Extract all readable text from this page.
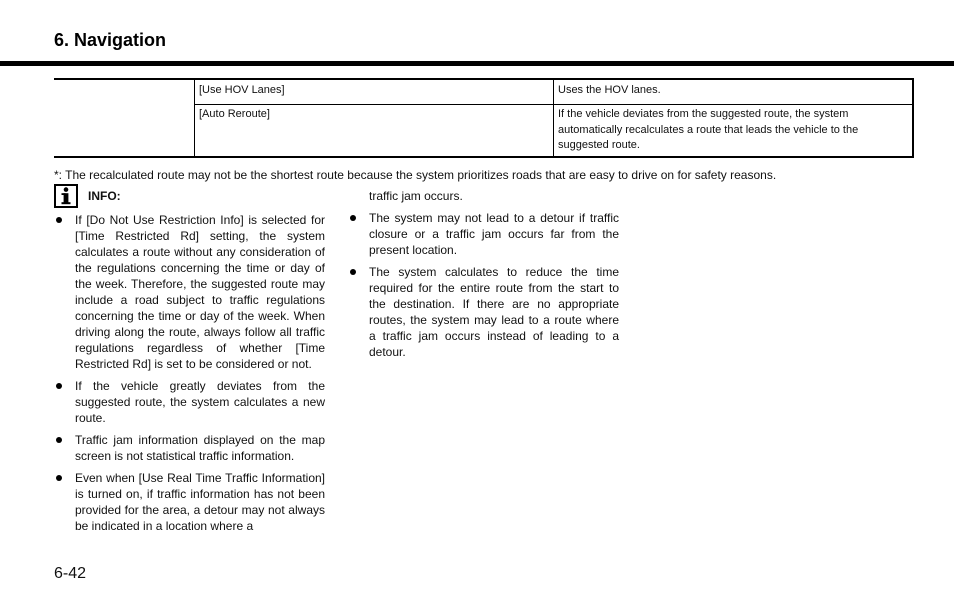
6. Navigation
	[Use HOV Lanes]	Uses the HOV lanes.
	[Auto Reroute]	If the vehicle deviates from the suggested route, the system automatically recalculates a route that leads the vehicle to the suggested route.
*: The recalculated route may not be the shortest route because the system prioritizes roads that are easy to drive on for safety reasons.
INFO:
If [Do Not Use Restriction Info] is selected for [Time Restricted Rd] setting, the system calculates a route without any consideration of the regulations concerning the time or day of the week. Therefore, the suggested route may include a road subject to traffic regulations concerning the time or day of the week. When driving along the route, always follow all traffic regulations regardless of whether [Time Restricted Rd] is set to be considered or not.
If the vehicle greatly deviates from the suggested route, the system calculates a new route.
Traffic jam information displayed on the map screen is not statistical traffic information.
Even when [Use Real Time Traffic Information] is turned on, if traffic information has not been provided for the area, a detour may not always be indicated in a location where a
traffic jam occurs.
The system may not lead to a detour if traffic closure or a traffic jam occurs far from the present location.
The system calculates to reduce the time required for the entire route from the start to the destination. If there are no appropriate routes, the system may lead to a route where a traffic jam occurs instead of leading to a detour.
6-42
